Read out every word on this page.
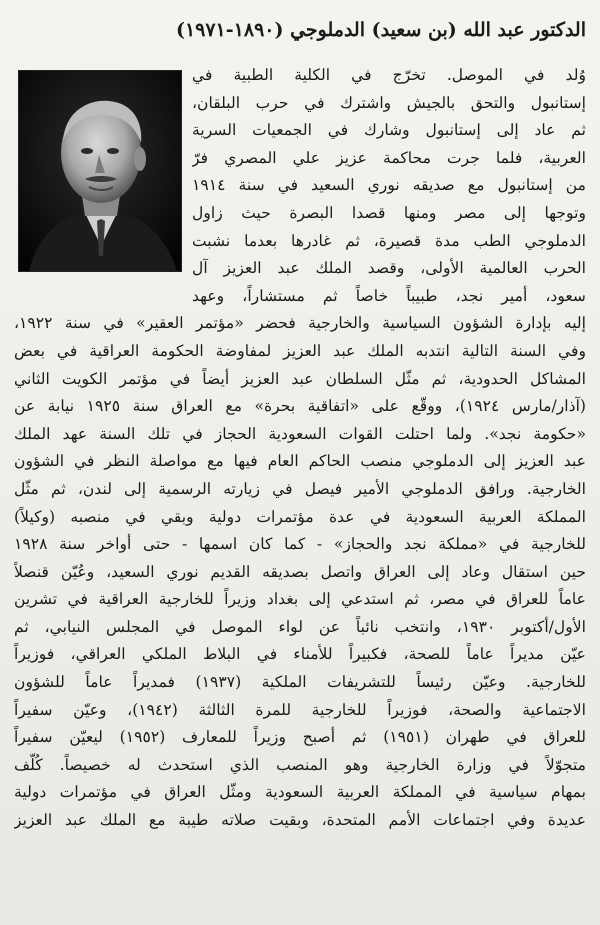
الدكتور عبد الله (بن سعيد) الدملوجي (١٨٩٠-١٩٧١)
وُلد في الموصل. تخرّج في الكلية الطبية في
إستانبول والتحق بالجيش واشترك في حرب البلقان،
ثم عاد إلى إستانبول وشارك في الجمعيات السرية
العربية، فلما جرت محاكمة عزيز علي المصري فرّ
من إستانبول مع صديقه نوري السعيد في سنة ١٩١٤
وتوجها إلى مصر ومنها قصدا البصرة حيث زاول
الدملوجي الطب مدة قصيرة، ثم غادرها بعدما نشبت
الحرب العالمية الأولى، وقصد الملك عبد العزيز آل
سعود، أمير نجد، طبيباً خاصاً ثم مستشاراً، وعهد
إليه بإدارة الشؤون السياسية والخارجية فحضر «مؤتمر العقير» في سنة ١٩٢٢،
وفي السنة التالية انتدبه الملك عبد العزيز لمفاوضة الحكومة العراقية في بعض
المشاكل الحدودية، ثم مثّل السلطان عبد العزيز أيضاً في مؤتمر الكويت الثاني
(آذار/مارس ١٩٢٤)، ووقّع على «اتفاقية بحرة» مع العراق سنة ١٩٢٥ نيابة عن
«حكومة نجد». ولما احتلت القوات السعودية الحجاز في تلك السنة عهد الملك
عبد العزيز إلى الدملوجي منصب الحاكم العام فيها مع مواصلة النظر في الشؤون
الخارجية. ورافق الدملوجي الأمير فيصل في زيارته الرسمية إلى لندن، ثم مثّل
المملكة العربية السعودية في عدة مؤتمرات دولية وبقي في منصبه (وكيلاً)
للخارجية في «مملكة نجد والحجاز» - كما كان اسمها - حتى أواخر سنة ١٩٢٨
حين استقال وعاد إلى العراق واتصل بصديقه القديم نوري السعيد، وعُيّن قنصلاً
عاماً للعراق في مصر، ثم استدعي إلى بغداد وزيراً للخارجية العراقية في تشرين
الأول/أكتوبر ١٩٣٠، وانتخب نائباً عن لواء الموصل في المجلس النيابي، ثم
عيّن مديراً عاماً للصحة، فكبيراً للأمناء في البلاط الملكي العراقي، فوزيراً
للخارجية. وعيّن رئيساً للتشريفات الملكية (١٩٣٧) فمديراً عاماً للشؤون
الاجتماعية والصحة، فوزيراً للخارجية للمرة الثالثة (١٩٤٢)، وعيّن سفيراً
للعراق في طهران (١٩٥١) ثم أصبح وزيراً للمعارف (١٩٥٢) ليعيّن سفيراً
متجوّلاً في وزارة الخارجية وهو المنصب الذي استحدث له خصيصاً. كُلّف
بمهام سياسية في المملكة العربية السعودية ومثّل العراق في مؤتمرات دولية
عديدة وفي اجتماعات الأمم المتحدة، وبقيت صلاته طيبة مع الملك عبد العزيز
